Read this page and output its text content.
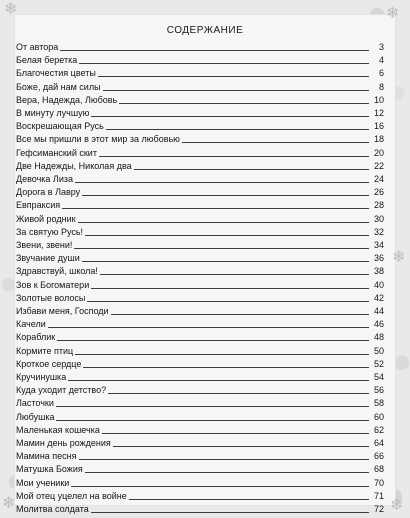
❄	❄
❄
❄	❄
СОДЕРЖАНИЕ
От автора	3
Белая беретка	4
Благочестия цветы	6
Боже, дай нам силы	8
Вера, Надежда, Любовь	10
В минуту лучшую	12
Воскрешающая Русь	16
Все мы пришли в этот мир за любовью	18
Гефсиманский скит	20
Две Надежды, Николая два	22
Девочка Лиза	24
Дорога в Лавру	26
Евпраксия	28
Живой родник	30
За святую Русь!	32
Звени, звени!	34
Звучание души	36
Здравствуй, школа!	38
Зов к Богоматери	40
Золотые волосы	42
Избави меня, Господи	44
Качели	46
Кораблик	48
Кормите птиц	50
Кроткое сердце	52
Кручинушка	54
Куда уходит детство?	56
Ласточки	58
Любушка	60
Маленькая кошечка	62
Мамин день рождения	64
Мамина песня	66
Матушка Божия	68
Мои ученики	70
Мой отец уцелел на войне	71
Молитва солдата	72
